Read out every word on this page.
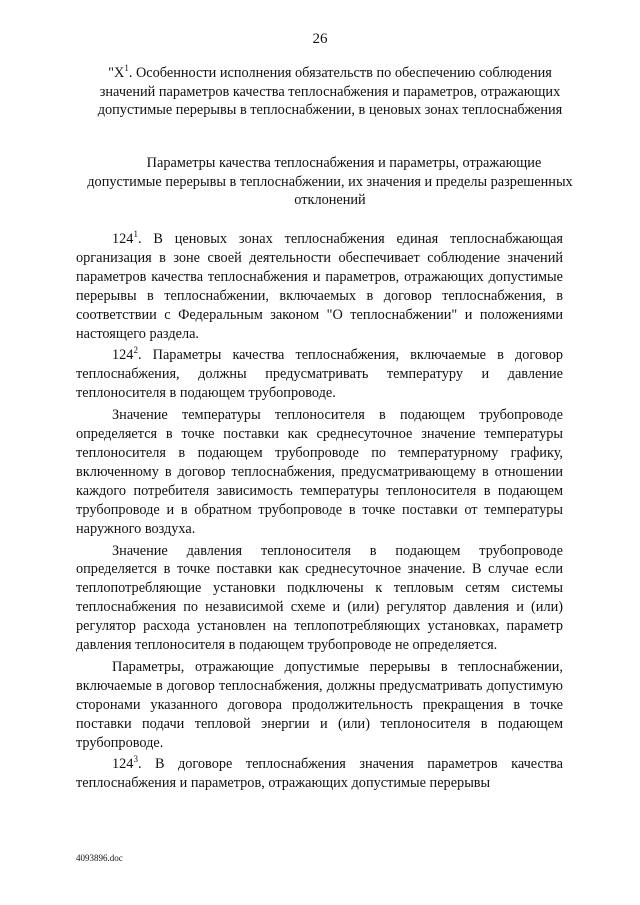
26
"$X^1$. Особенности исполнения обязательств по обеспечению соблюдения значений параметров качества теплоснабжения и параметров, отражающих допустимые перерывы в теплоснабжении, в ценовых зонах теплоснабжения
Параметры качества теплоснабжения и параметры, отражающие допустимые перерывы в теплоснабжении, их значения и пределы разрешенных отклонений

$124^1$. В ценовых зонах теплоснабжения единая теплоснабжающая организация в зоне своей деятельности обеспечивает соблюдение значений параметров качества теплоснабжения и параметров, отражающих допустимые перерывы в теплоснабжении, включаемых в договор теплоснабжения, в соответствии с Федеральным законом "О теплоснабжении" и положениями настоящего раздела.

$124^2$. Параметры качества теплоснабжения, включаемые в договор теплоснабжения, должны предусматривать температуру и давление теплоносителя в подающем трубопроводе.

Значение температуры теплоносителя в подающем трубопроводе определяется в точке поставки как среднесуточное значение температуры теплоносителя в подающем трубопроводе по температурному графику, включенному в договор теплоснабжения, предусматривающему в отношении каждого потребителя зависимость температуры теплоносителя в подающем трубопроводе и в обратном трубопроводе в точке поставки от температуры наружного воздуха.

Значение давления теплоносителя в подающем трубопроводе определяется в точке поставки как среднесуточное значение. В случае если теплопотребляющие установки подключены к тепловым сетям системы теплоснабжения по независимой схеме и (или) регулятор давления и (или) регулятор расхода установлен на теплопотребляющих установках, параметр давления теплоносителя в подающем трубопроводе не определяется.

Параметры, отражающие допустимые перерывы в теплоснабжении, включаемые в договор теплоснабжения, должны предусматривать допустимую сторонами указанного договора продолжительность прекращения в точке поставки подачи тепловой энергии и (или) теплоносителя в подающем трубопроводе.

$124^3$. В договоре теплоснабжения значения параметров качества теплоснабжения и параметров, отражающих допустимые перерывы

4093896.doc
